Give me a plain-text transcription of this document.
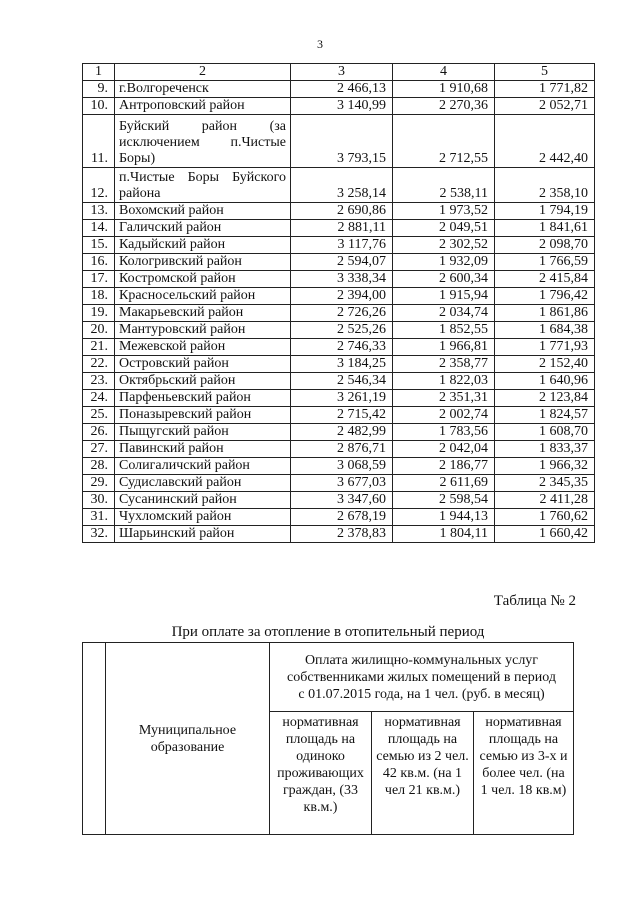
3
1	2	3	4	5
9.	г.Волгореченск	2 466,13	1 910,68	1 771,82
10.	Антроповский район	3 140,99	2 270,36	2 052,71
11.	Буйский район (за исключением п.Чистые Боры)	3 793,15	2 712,55	2 442,40
12.	п.Чистые Боры Буйского района	3 258,14	2 538,11	2 358,10
13.	Вохомский район	2 690,86	1 973,52	1 794,19
14.	Галичский район	2 881,11	2 049,51	1 841,61
15.	Кадыйский район	3 117,76	2 302,52	2 098,70
16.	Кологривский район	2 594,07	1 932,09	1 766,59
17.	Костромской район	3 338,34	2 600,34	2 415,84
18.	Красносельский район	2 394,00	1 915,94	1 796,42
19.	Макарьевский район	2 726,26	2 034,74	1 861,86
20.	Мантуровский район	2 525,26	1 852,55	1 684,38
21.	Межевской район	2 746,33	1 966,81	1 771,93
22.	Островский район	3 184,25	2 358,77	2 152,40
23.	Октябрьский район	2 546,34	1 822,03	1 640,96
24.	Парфеньевский район	3 261,19	2 351,31	2 123,84
25.	Поназыревский район	2 715,42	2 002,74	1 824,57
26.	Пыщугский район	2 482,99	1 783,56	1 608,70
27.	Павинский район	2 876,71	2 042,04	1 833,37
28.	Солигаличский район	3 068,59	2 186,77	1 966,32
29.	Судиславский район	3 677,03	2 611,69	2 345,35
30.	Сусанинский район	3 347,60	2 598,54	2 411,28
31.	Чухломский район	2 678,19	1 944,13	1 760,62
32.	Шарьинский район	2 378,83	1 804,11	1 660,42
Таблица № 2
При оплате за отопление в отопительный период
	Муниципальное образование	Оплата жилищно-коммунальных услуг собственниками жилых помещений в период с 01.07.2015 года, на 1 чел. (руб. в месяц)		
		нормативная площадь на одиноко проживающих граждан, (33 кв.м.)	нормативная площадь на семью из 2 чел. 42 кв.м. (на 1 чел 21 кв.м.)	нормативная площадь на семью из 3-х и более чел. (на 1 чел. 18 кв.м)
